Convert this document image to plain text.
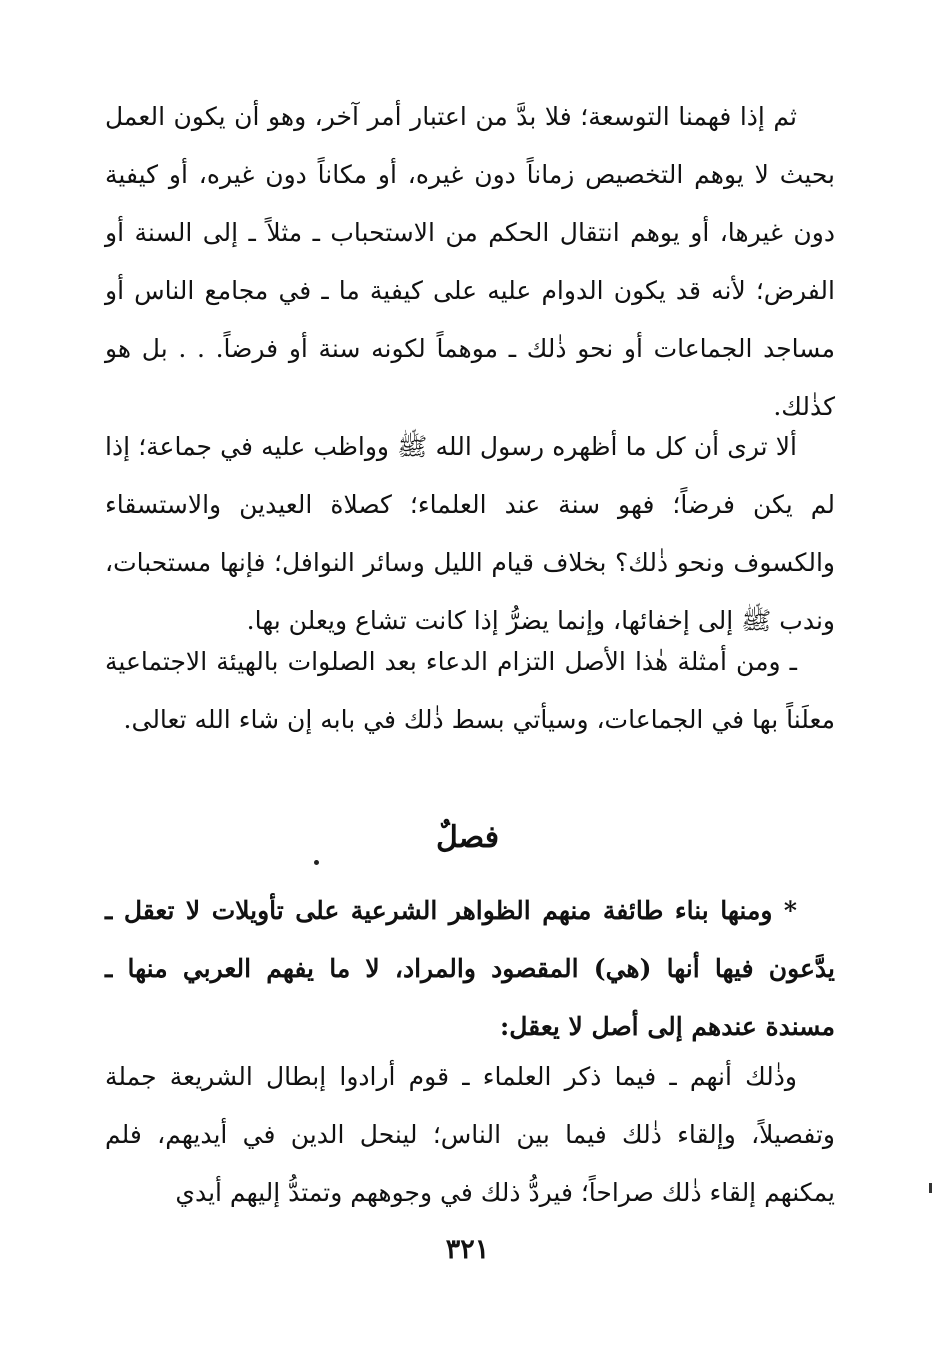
ثم إذا فهمنا التوسعة؛ فلا بدَّ من اعتبار أمر آخر، وهو أن يكون العمل بحيث لا يوهم التخصيص زماناً دون غيره، أو مكاناً دون غيره، أو كيفية دون غيرها، أو يوهم انتقال الحكم من الاستحباب ـ مثلاً ـ إلى السنة أو الفرض؛ لأنه قد يكون الدوام عليه على كيفية ما ـ في مجامع الناس أو مساجد الجماعات أو نحو ذٰلك ـ موهماً لكونه سنة أو فرضاً. . . بل هو كذٰلك.

ألا ترى أن كل ما أظهره رسول الله ﷺ وواظب عليه في جماعة؛ إذا لم يكن فرضاً؛ فهو سنة عند العلماء؛ كصلاة العيدين والاستسقاء والكسوف ونحو ذٰلك؟ بخلاف قيام الليل وسائر النوافل؛ فإنها مستحبات، وندب ﷺ إلى إخفائها، وإنما يضرُّ إذا كانت تشاع ويعلن بها.

ـ ومن أمثلة هٰذا الأصل التزام الدعاء بعد الصلوات بالهيئة الاجتماعية معلَناً بها في الجماعات، وسيأتي بسط ذٰلك في بابه إن شاء الله تعالى.

فصلٌ

* ومنها بناء طائفة منهم الظواهر الشرعية على تأويلات لا تعقل ـ يدَّعون فيها أنها (هي) المقصود والمراد، لا ما يفهم العربي منها ـ مسندة عندهم إلى أصل لا يعقل:

وذٰلك أنهم ـ فيما ذكر العلماء ـ قوم أرادوا إبطال الشريعة جملة وتفصيلاً، وإلقاء ذٰلك فيما بين الناس؛ لينحل الدين في أيديهم، فلم يمكنهم إلقاء ذٰلك صراحاً؛ فيردُّ ذلك في وجوههم وتمتدُّ إليهم أيدي

٣٢١
